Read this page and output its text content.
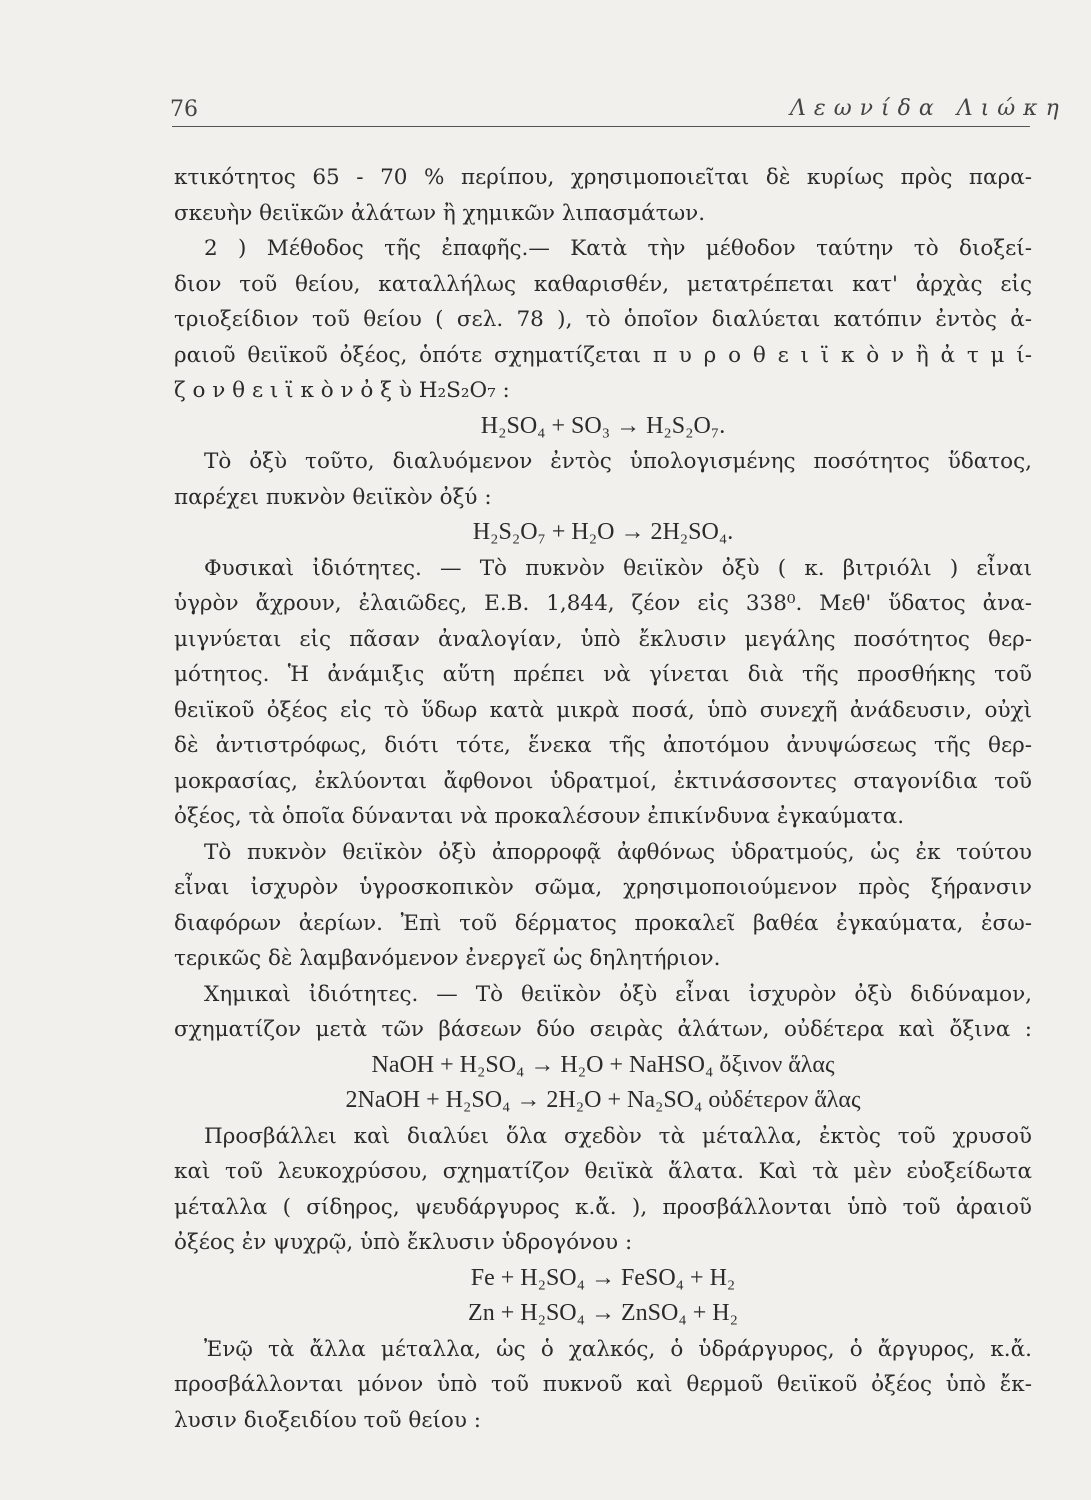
76	Λεωνίδα Λιώκη
κτικότητος 65 - 70 % περίπου, χρησιμοποιεῖται δὲ κυρίως πρὸς παρα-
σκευὴν θειϊκῶν ἀλάτων ἢ χημικῶν λιπασμάτων.
2 ) Μέθοδος τῆς ἐπαφῆς.— Κατὰ τὴν μέθοδον ταύτην τὸ διοξεί-
διον τοῦ θείου, καταλλήλως καθαρισθέν, μετατρέπεται κατ' ἀρχὰς εἰς
τριοξείδιον τοῦ θείου ( σελ. 78 ), τὸ ὁποῖον διαλύεται κατόπιν ἐντὸς ἀ-
ραιοῦ θειϊκοῦ ὀξέος, ὁπότε σχηματίζεται π υ ρ ο θ ε ι ϊ κ ὸ ν ἢ ἀ τ μ ί-
ζ ο ν θ ε ι ϊ κ ὸ ν ὀ ξ ὺ H₂S₂O₇ :
H₂SO₄ + SO₃ → H₂S₂O₇.
Τὸ ὀξὺ τοῦτο, διαλυόμενον ἐντὸς ὑπολογισμένης ποσότητος ὕδατος,
παρέχει πυκνὸν θειϊκὸν ὀξύ :
H₂S₂O₇ + H₂O → 2H₂SO₄.
Φυσικαὶ ἰδιότητες. — Τὸ πυκνὸν θειϊκὸν ὀξὺ ( κ. βιτριόλι ) εἶναι
ὑγρὸν ἄχρουν, ἐλαιῶδες, Ε.Β. 1,844, ζέον εἰς 338⁰. Μεθ' ὕδατος ἀνα-
μιγνύεται εἰς πᾶσαν ἀναλογίαν, ὑπὸ ἔκλυσιν μεγάλης ποσότητος θερ-
μότητος. Ἡ ἀνάμιξις αὕτη πρέπει νὰ γίνεται διὰ τῆς προσθήκης τοῦ
θειϊκοῦ ὀξέος εἰς τὸ ὕδωρ κατὰ μικρὰ ποσά, ὑπὸ συνεχῆ ἀνάδευσιν, οὐχὶ
δὲ ἀντιστρόφως, διότι τότε, ἕνεκα τῆς ἀποτόμου ἀνυψώσεως τῆς θερ-
μοκρασίας, ἐκλύονται ἄφθονοι ὑδρατμοί, ἐκτινάσσοντες σταγονίδια τοῦ
ὀξέος, τὰ ὁποῖα δύνανται νὰ προκαλέσουν ἐπικίνδυνα ἐγκαύματα.
Τὸ πυκνὸν θειϊκὸν ὀξὺ ἀπορροφᾷ ἀφθόνως ὑδρατμούς, ὡς ἐκ τούτου
εἶναι ἰσχυρὸν ὑγροσκοπικὸν σῶμα, χρησιμοποιούμενον πρὸς ξήρανσιν
διαφόρων ἀερίων. Ἐπὶ τοῦ δέρματος προκαλεῖ βαθέα ἐγκαύματα, ἐσω-
τερικῶς δὲ λαμβανόμενον ἐνεργεῖ ὡς δηλητήριον.
Χημικαὶ ἰδιότητες. — Τὸ θειϊκὸν ὀξὺ εἶναι ἰσχυρὸν ὀξὺ διδύναμον,
σχηματίζον μετὰ τῶν βάσεων δύο σειρὰς ἀλάτων, οὐδέτερα καὶ ὄξινα :
NaOH + H₂SO₄ → H₂O + NaHSO₄ ὄξινον ἅλας
2NaOH + H₂SO₄ → 2H₂O + Na₂SO₄ οὐδέτερον ἅλας
Προσβάλλει καὶ διαλύει ὅλα σχεδὸν τὰ μέταλλα, ἐκτὸς τοῦ χρυσοῦ
καὶ τοῦ λευκοχρύσου, σχηματίζον θειϊκὰ ἅλατα. Καὶ τὰ μὲν εὐοξείδωτα
μέταλλα ( σίδηρος, ψευδάργυρος κ.ἄ. ), προσβάλλονται ὑπὸ τοῦ ἀραιοῦ
ὀξέος ἐν ψυχρῷ, ὑπὸ ἔκλυσιν ὑδρογόνου :
Fe + H₂SO₄ → FeSO₄ + H₂
Zn + H₂SO₄ → ZnSO₄ + H₂
Ἐνῷ τὰ ἄλλα μέταλλα, ὡς ὁ χαλκός, ὁ ὑδράργυρος, ὁ ἄργυρος, κ.ἄ.
προσβάλλονται μόνον ὑπὸ τοῦ πυκνοῦ καὶ θερμοῦ θειϊκοῦ ὀξέος ὑπὸ ἔκ-
λυσιν διοξειδίου τοῦ θείου :
